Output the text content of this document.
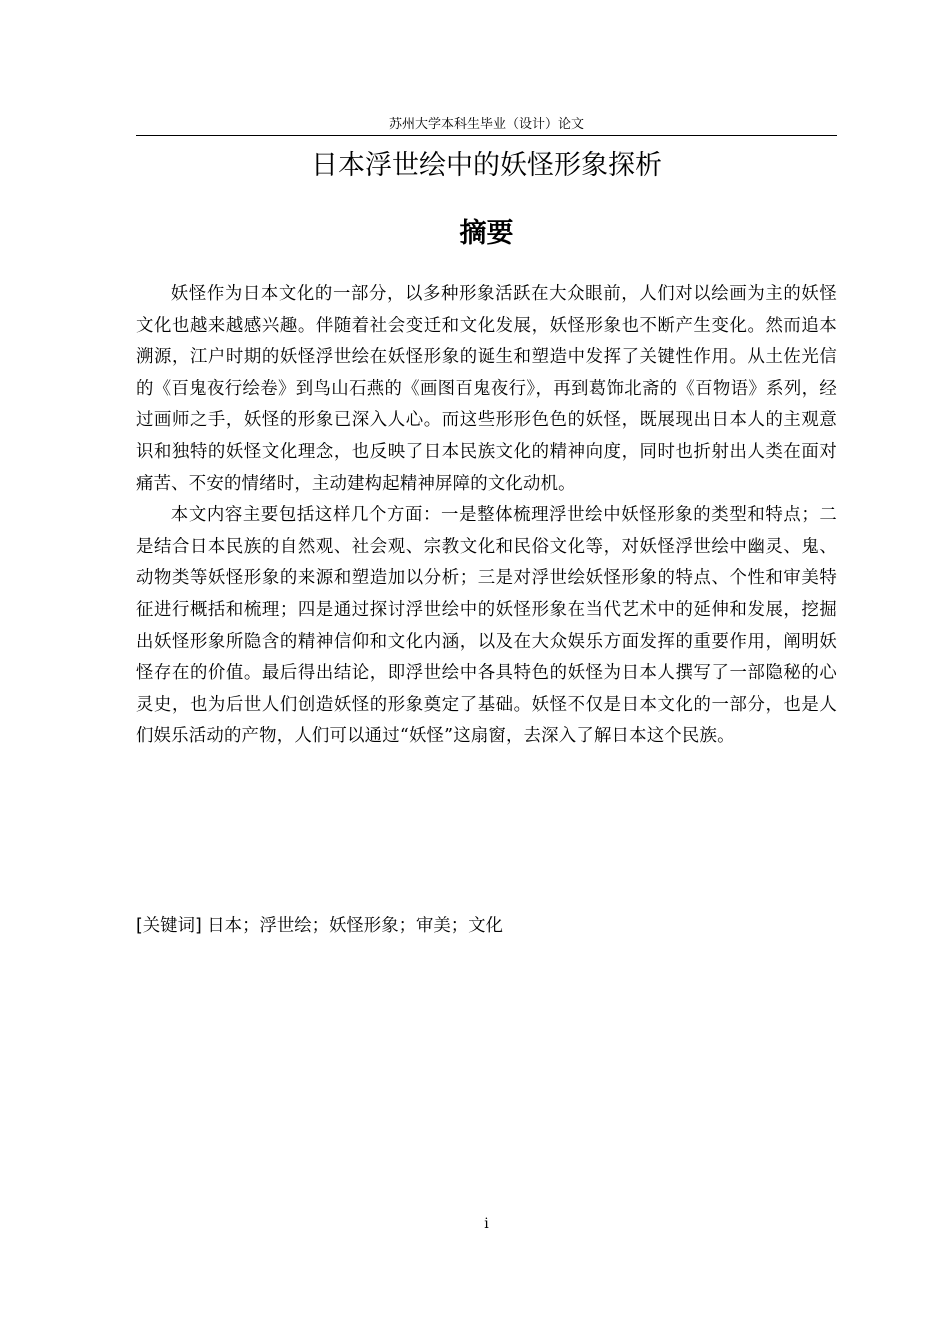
苏州大学本科生毕业（设计）论文
日本浮世绘中的妖怪形象探析
摘要

妖怪作为日本文化的一部分，以多种形象活跃在大众眼前，人们对以绘画为主的妖怪文化也越来越感兴趣。伴随着社会变迁和文化发展，妖怪形象也不断产生变化。然而追本溯源，江户时期的妖怪浮世绘在妖怪形象的诞生和塑造中发挥了关键性作用。从土佐光信的《百鬼夜行绘卷》到鸟山石燕的《画图百鬼夜行》，再到葛饰北斋的《百物语》系列，经过画师之手，妖怪的形象已深入人心。而这些形形色色的妖怪，既展现出日本人的主观意识和独特的妖怪文化理念，也反映了日本民族文化的精神向度，同时也折射出人类在面对痛苦、不安的情绪时，主动建构起精神屏障的文化动机。

本文内容主要包括这样几个方面：一是整体梳理浮世绘中妖怪形象的类型和特点；二是结合日本民族的自然观、社会观、宗教文化和民俗文化等，对妖怪浮世绘中幽灵、鬼、动物类等妖怪形象的来源和塑造加以分析；三是对浮世绘妖怪形象的特点、个性和审美特征进行概括和梳理；四是通过探讨浮世绘中的妖怪形象在当代艺术中的延伸和发展，挖掘出妖怪形象所隐含的精神信仰和文化内涵，以及在大众娱乐方面发挥的重要作用，阐明妖怪存在的价值。最后得出结论，即浮世绘中各具特色的妖怪为日本人撰写了一部隐秘的心灵史，也为后世人们创造妖怪的形象奠定了基础。妖怪不仅是日本文化的一部分，也是人们娱乐活动的产物，人们可以通过“妖怪”这扇窗，去深入了解日本这个民族。

[关键词] 日本；浮世绘；妖怪形象；审美；文化
i
